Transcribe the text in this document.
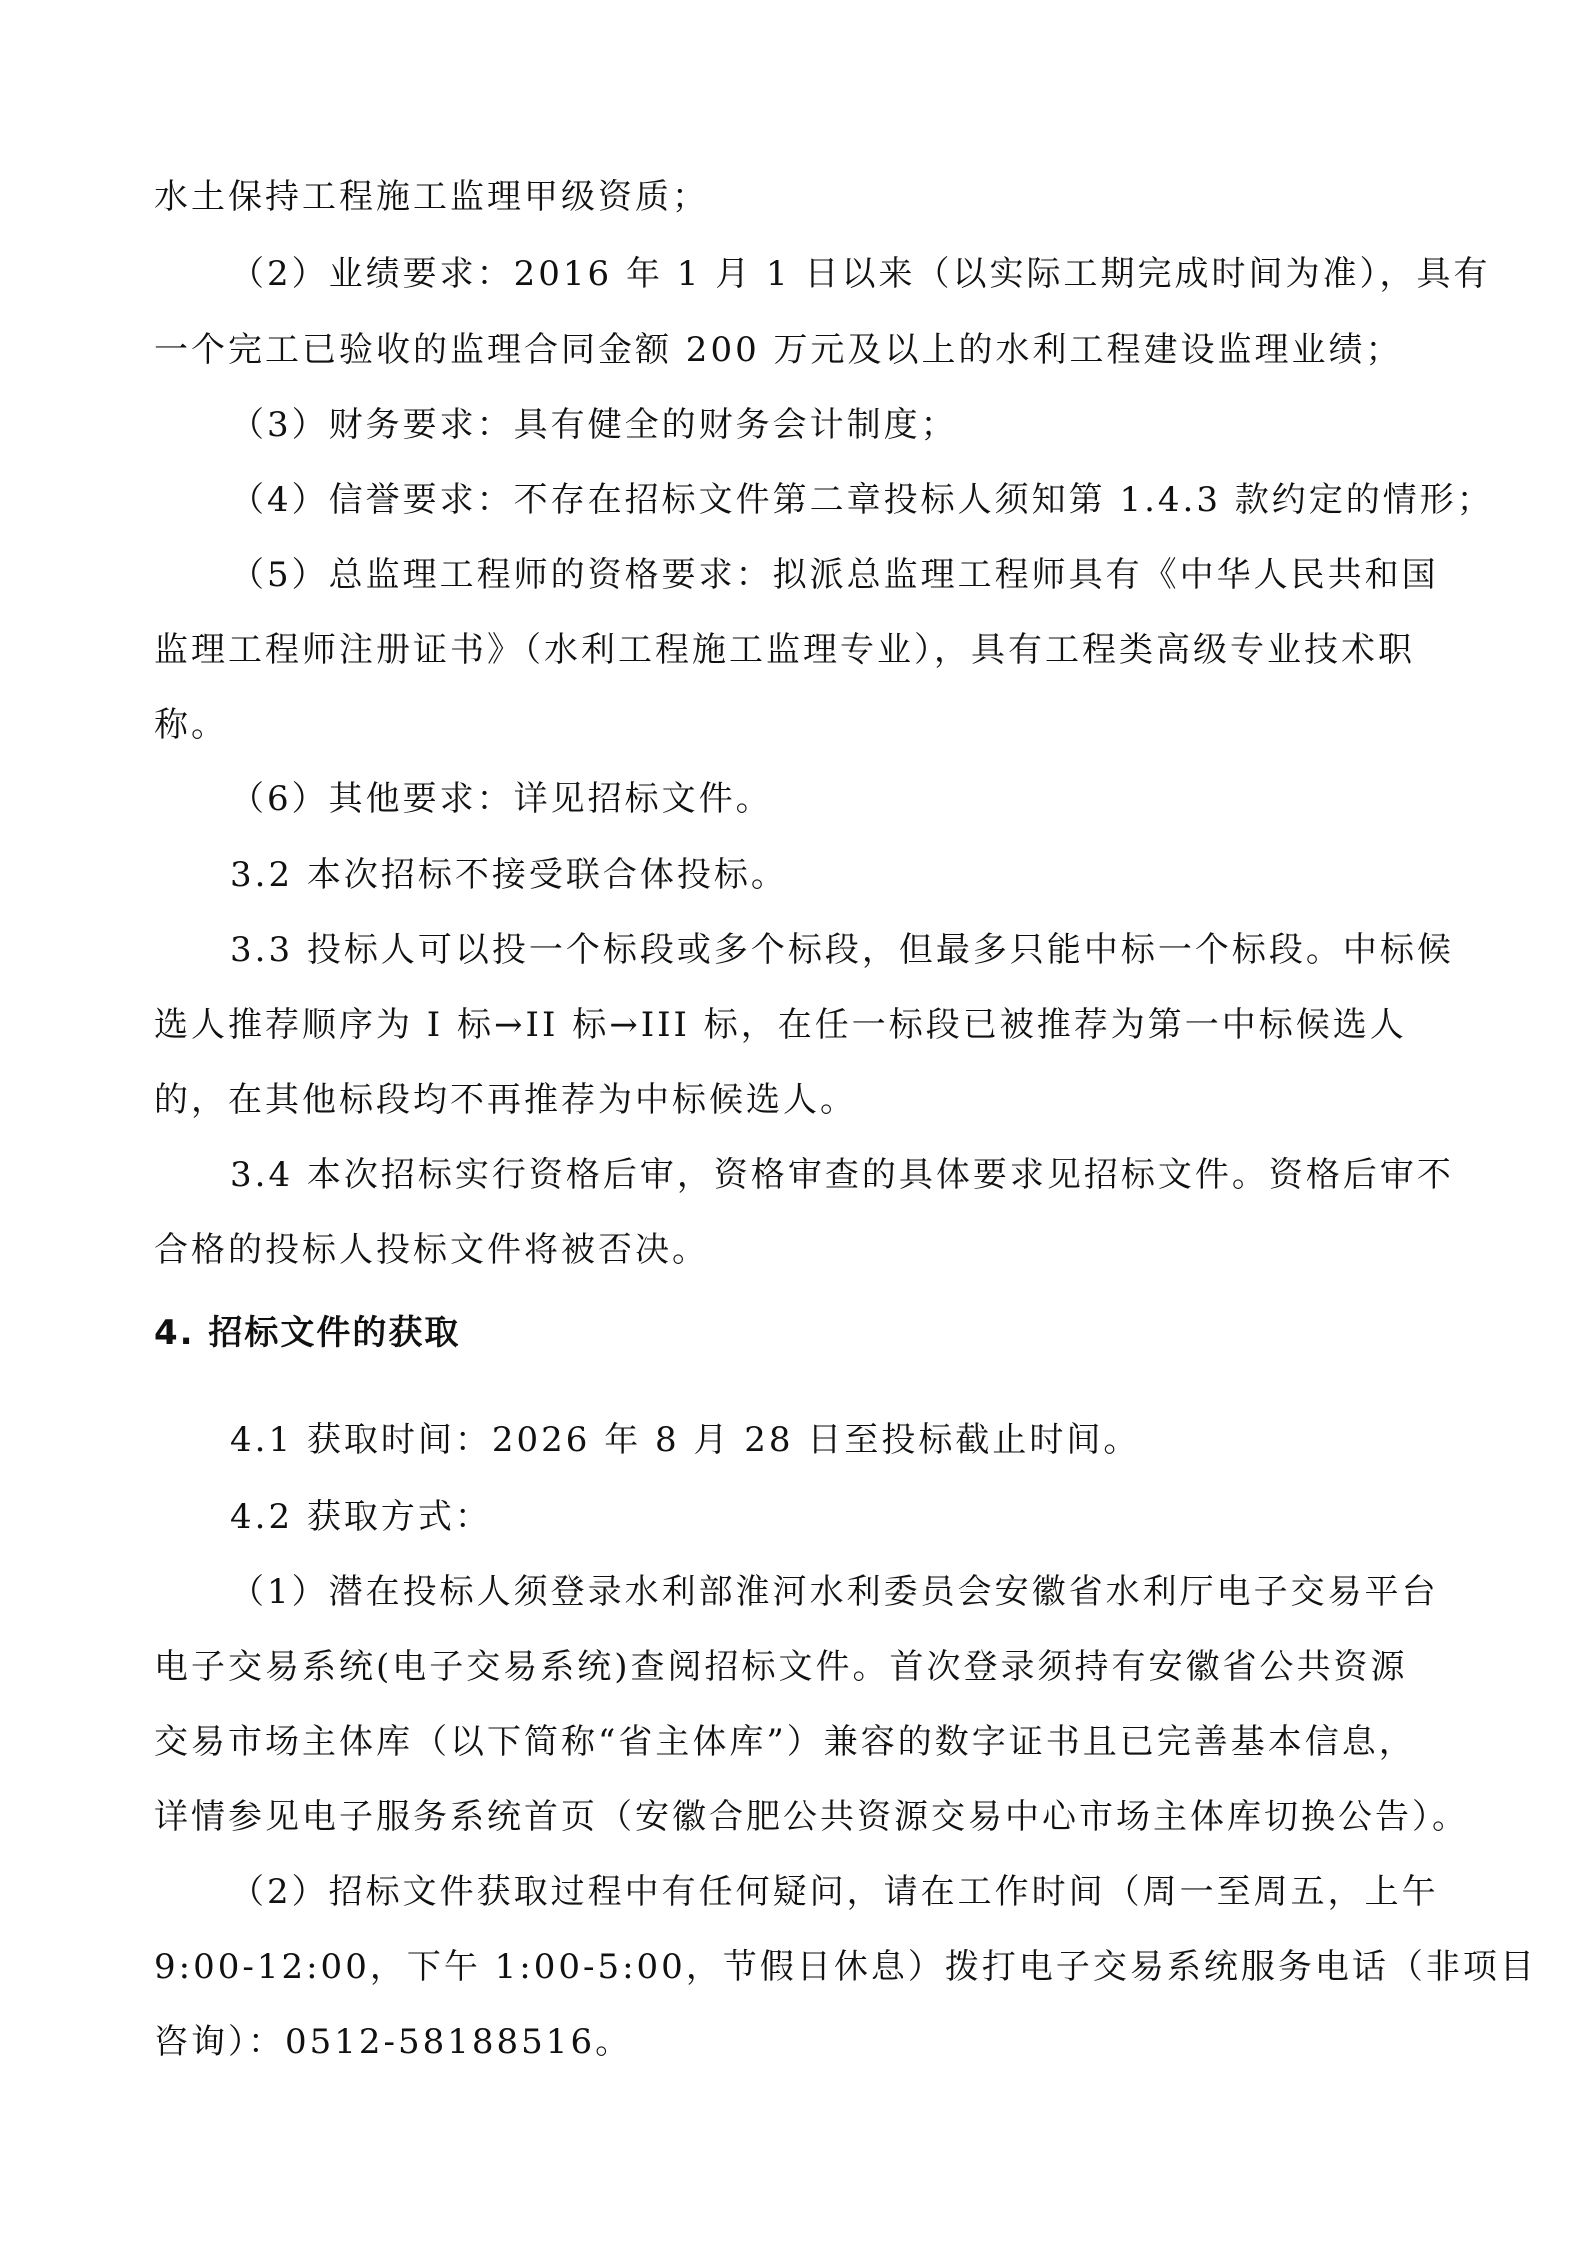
水土保持工程施工监理甲级资质；
（2）业绩要求：2016 年 1 月 1 日以来（以实际工期完成时间为准），具有
一个完工已验收的监理合同金额 200 万元及以上的水利工程建设监理业绩；
（3）财务要求：具有健全的财务会计制度；
（4）信誉要求：不存在招标文件第二章投标人须知第 1.4.3 款约定的情形；
（5）总监理工程师的资格要求：拟派总监理工程师具有《中华人民共和国
监理工程师注册证书》（水利工程施工监理专业），具有工程类高级专业技术职
称。
（6）其他要求：详见招标文件。
3.2 本次招标不接受联合体投标。
3.3 投标人可以投一个标段或多个标段，但最多只能中标一个标段。中标候
选人推荐顺序为 I 标→II 标→III 标，在任一标段已被推荐为第一中标候选人
的，在其他标段均不再推荐为中标候选人。
3.4 本次招标实行资格后审，资格审查的具体要求见招标文件。资格后审不
合格的投标人投标文件将被否决。
4. 招标文件的获取
4.1 获取时间：2026 年 8 月 28 日至投标截止时间。
4.2 获取方式：
（1）潜在投标人须登录水利部淮河水利委员会安徽省水利厅电子交易平台
电子交易系统(电子交易系统)查阅招标文件。首次登录须持有安徽省公共资源
交易市场主体库（以下简称“省主体库”）兼容的数字证书且已完善基本信息，
详情参见电子服务系统首页（安徽合肥公共资源交易中心市场主体库切换公告）。
（2）招标文件获取过程中有任何疑问，请在工作时间（周一至周五，上午
9:00-12:00，下午 1:00-5:00，节假日休息）拨打电子交易系统服务电话（非项目
咨询）：0512-58188516。
